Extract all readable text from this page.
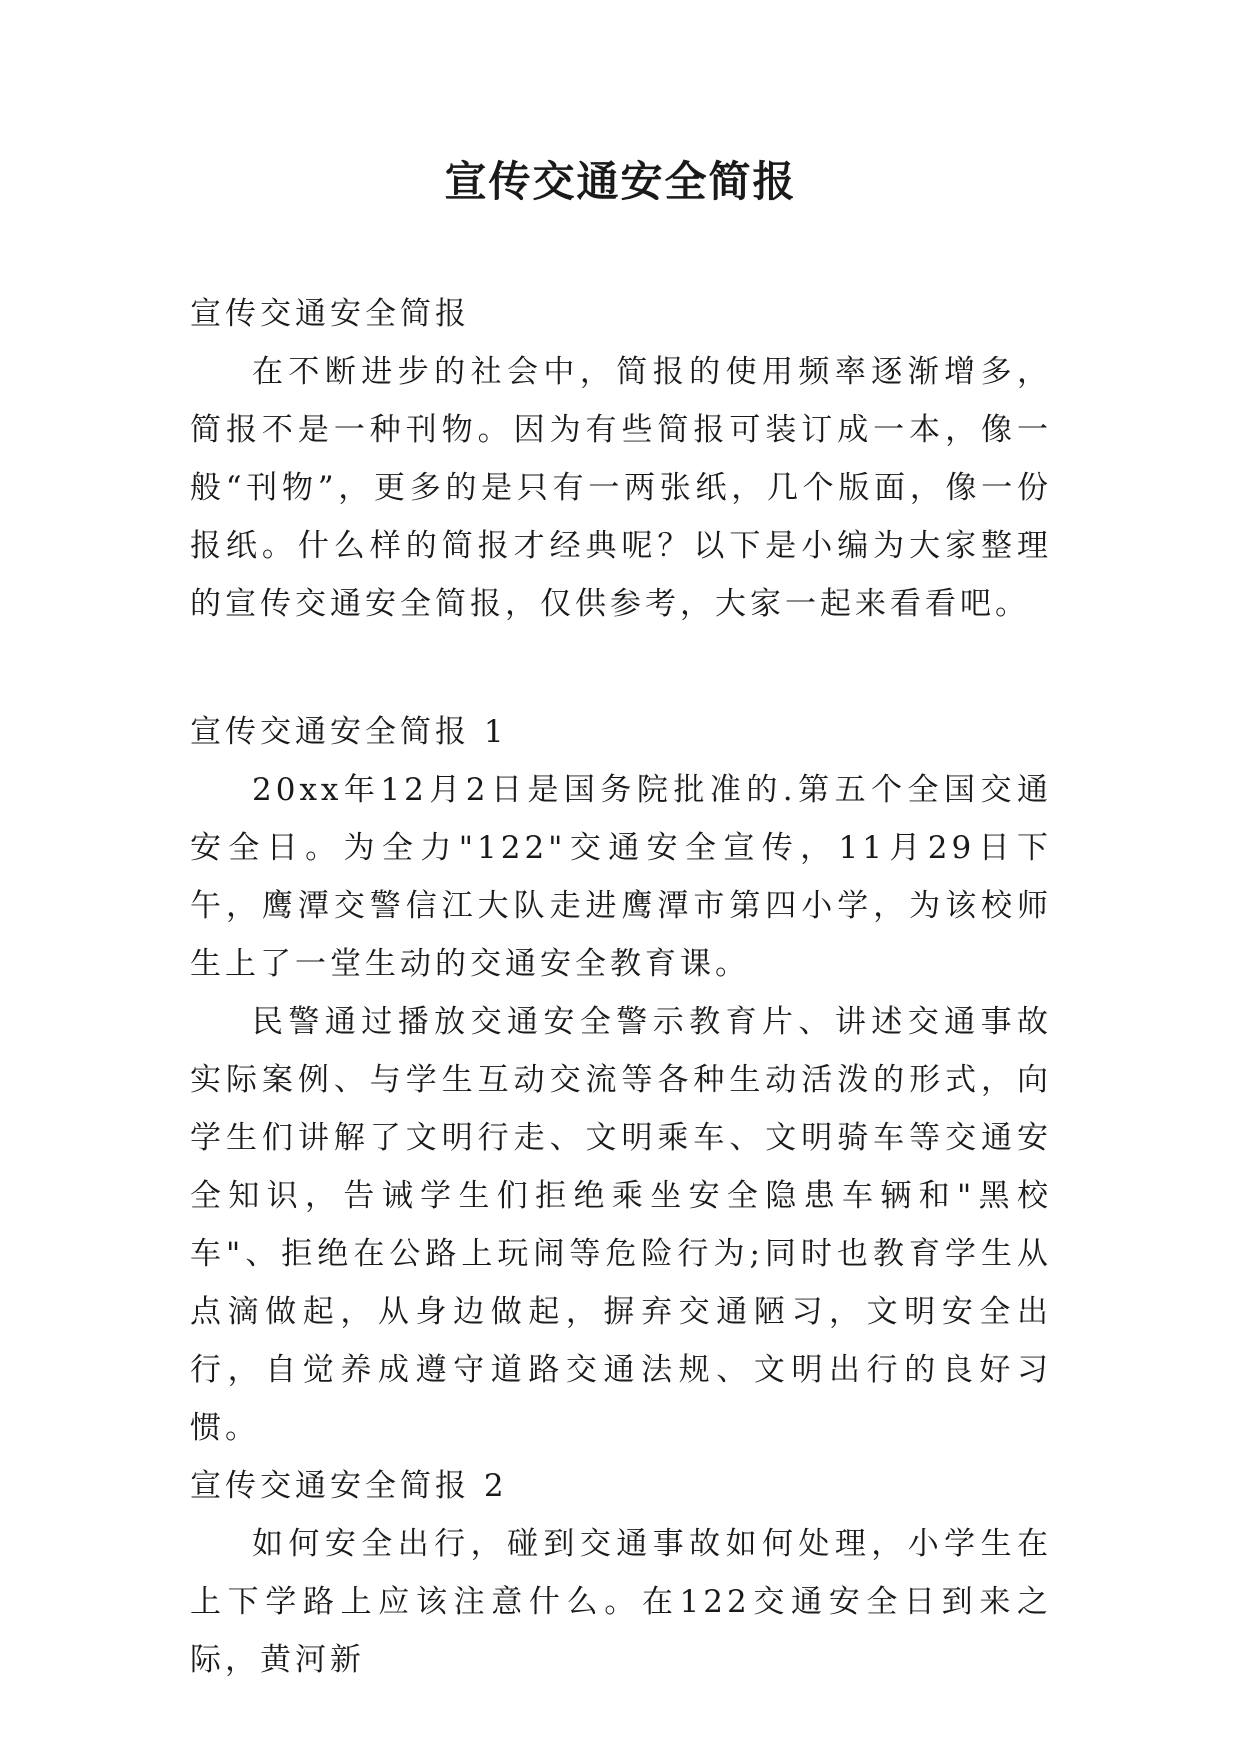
宣传交通安全简报

宣传交通安全简报

在不断进步的社会中，简报的使用频率逐渐增多，简报不是一种刊物。因为有些简报可装订成一本，像一般“刊物”，更多的是只有一两张纸，几个版面，像一份报纸。什么样的简报才经典呢？以下是小编为大家整理的宣传交通安全简报，仅供参考，大家一起来看看吧。

宣传交通安全简报 1

20xx年12月2日是国务院批准的.第五个全国交通安全日。为全力"122"交通安全宣传，11月29日下午，鹰潭交警信江大队走进鹰潭市第四小学，为该校师生上了一堂生动的交通安全教育课。

民警通过播放交通安全警示教育片、讲述交通事故实际案例、与学生互动交流等各种生动活泼的形式，向学生们讲解了文明行走、文明乘车、文明骑车等交通安全知识，告诫学生们拒绝乘坐安全隐患车辆和"黑校车"、拒绝在公路上玩闹等危险行为;同时也教育学生从点滴做起，从身边做起，摒弃交通陋习，文明安全出行，自觉养成遵守道路交通法规、文明出行的良好习惯。

宣传交通安全简报 2

如何安全出行，碰到交通事故如何处理，小学生在上下学路上应该注意什么。在122交通安全日到来之际，黄河新
